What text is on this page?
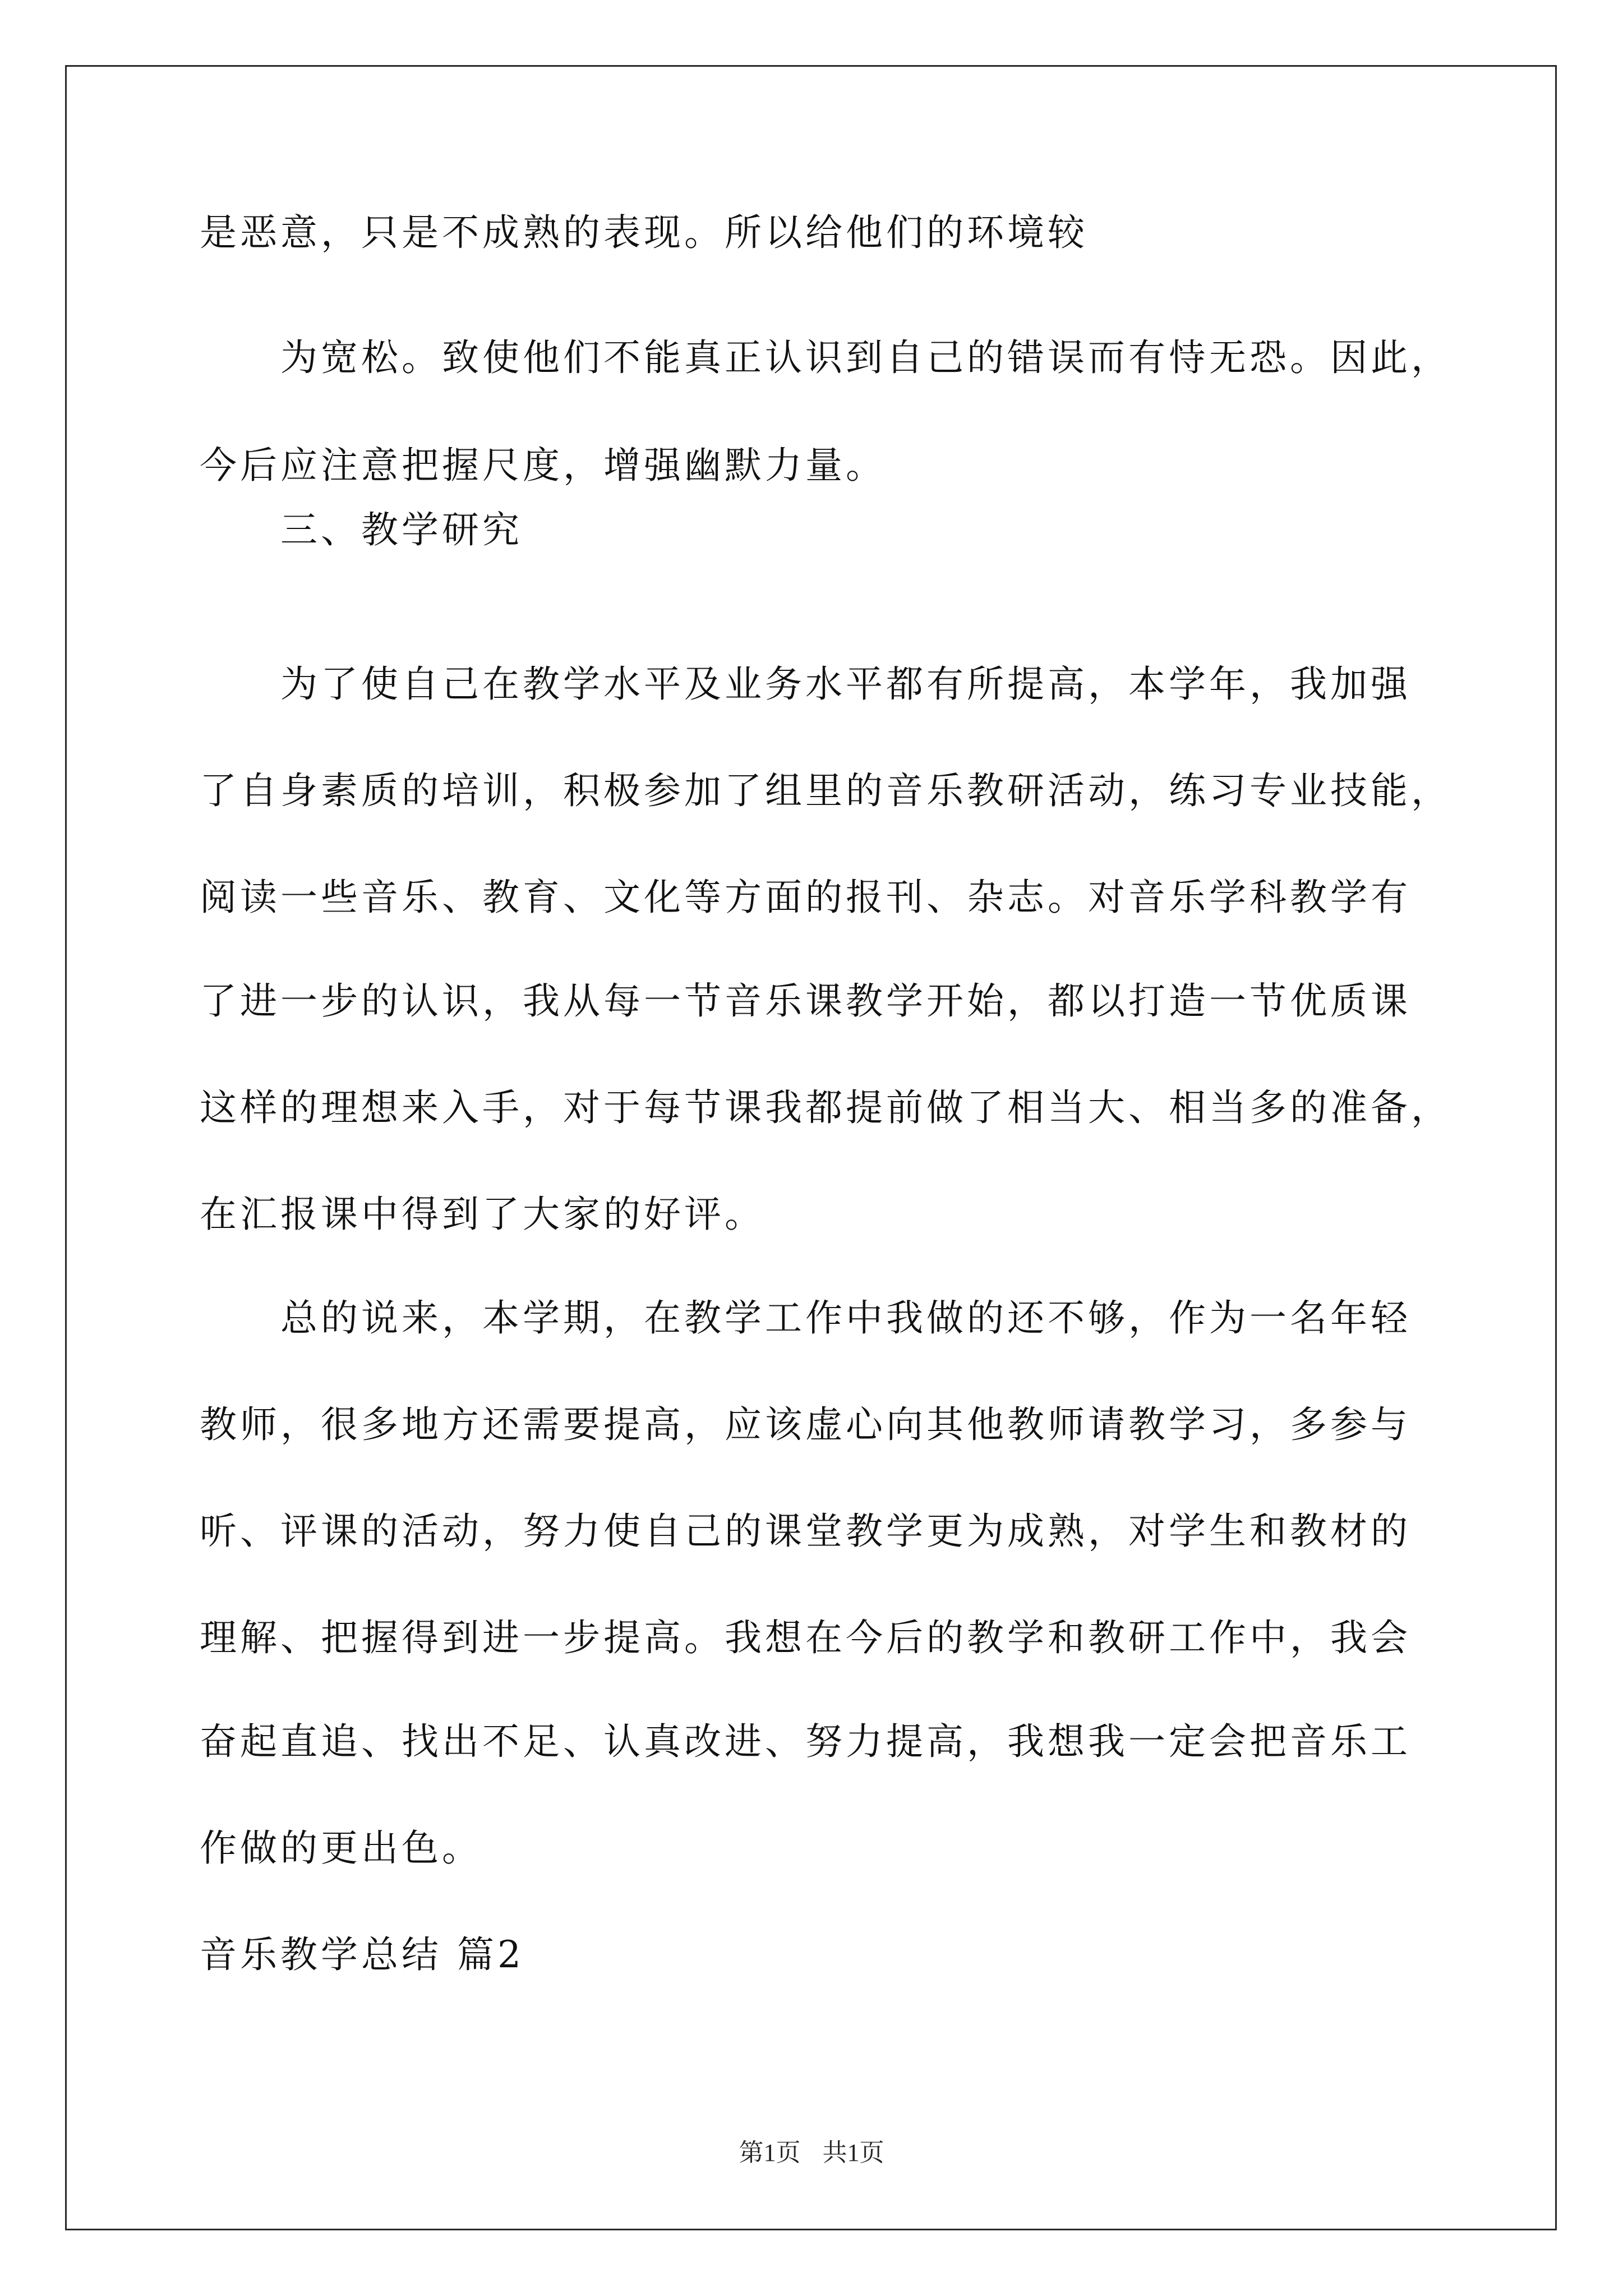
是恶意，只是不成熟的表现。所以给他们的环境较
为宽松。致使他们不能真正认识到自己的错误而有恃无恐。因此，
今后应注意把握尺度，增强幽默力量。
三、教学研究
为了使自己在教学水平及业务水平都有所提高，本学年，我加强
了自身素质的培训，积极参加了组里的音乐教研活动，练习专业技能，
阅读一些音乐、教育、文化等方面的报刊、杂志。对音乐学科教学有
了进一步的认识，我从每一节音乐课教学开始，都以打造一节优质课
这样的理想来入手，对于每节课我都提前做了相当大、相当多的准备，
在汇报课中得到了大家的好评。
总的说来，本学期，在教学工作中我做的还不够，作为一名年轻
教师，很多地方还需要提高，应该虚心向其他教师请教学习，多参与
听、评课的活动，努力使自己的课堂教学更为成熟，对学生和教材的
理解、把握得到进一步提高。我想在今后的教学和教研工作中，我会
奋起直追、找出不足、认真改进、努力提高，我想我一定会把音乐工
作做的更出色。
音乐教学总结 篇2
第1页 共1页
